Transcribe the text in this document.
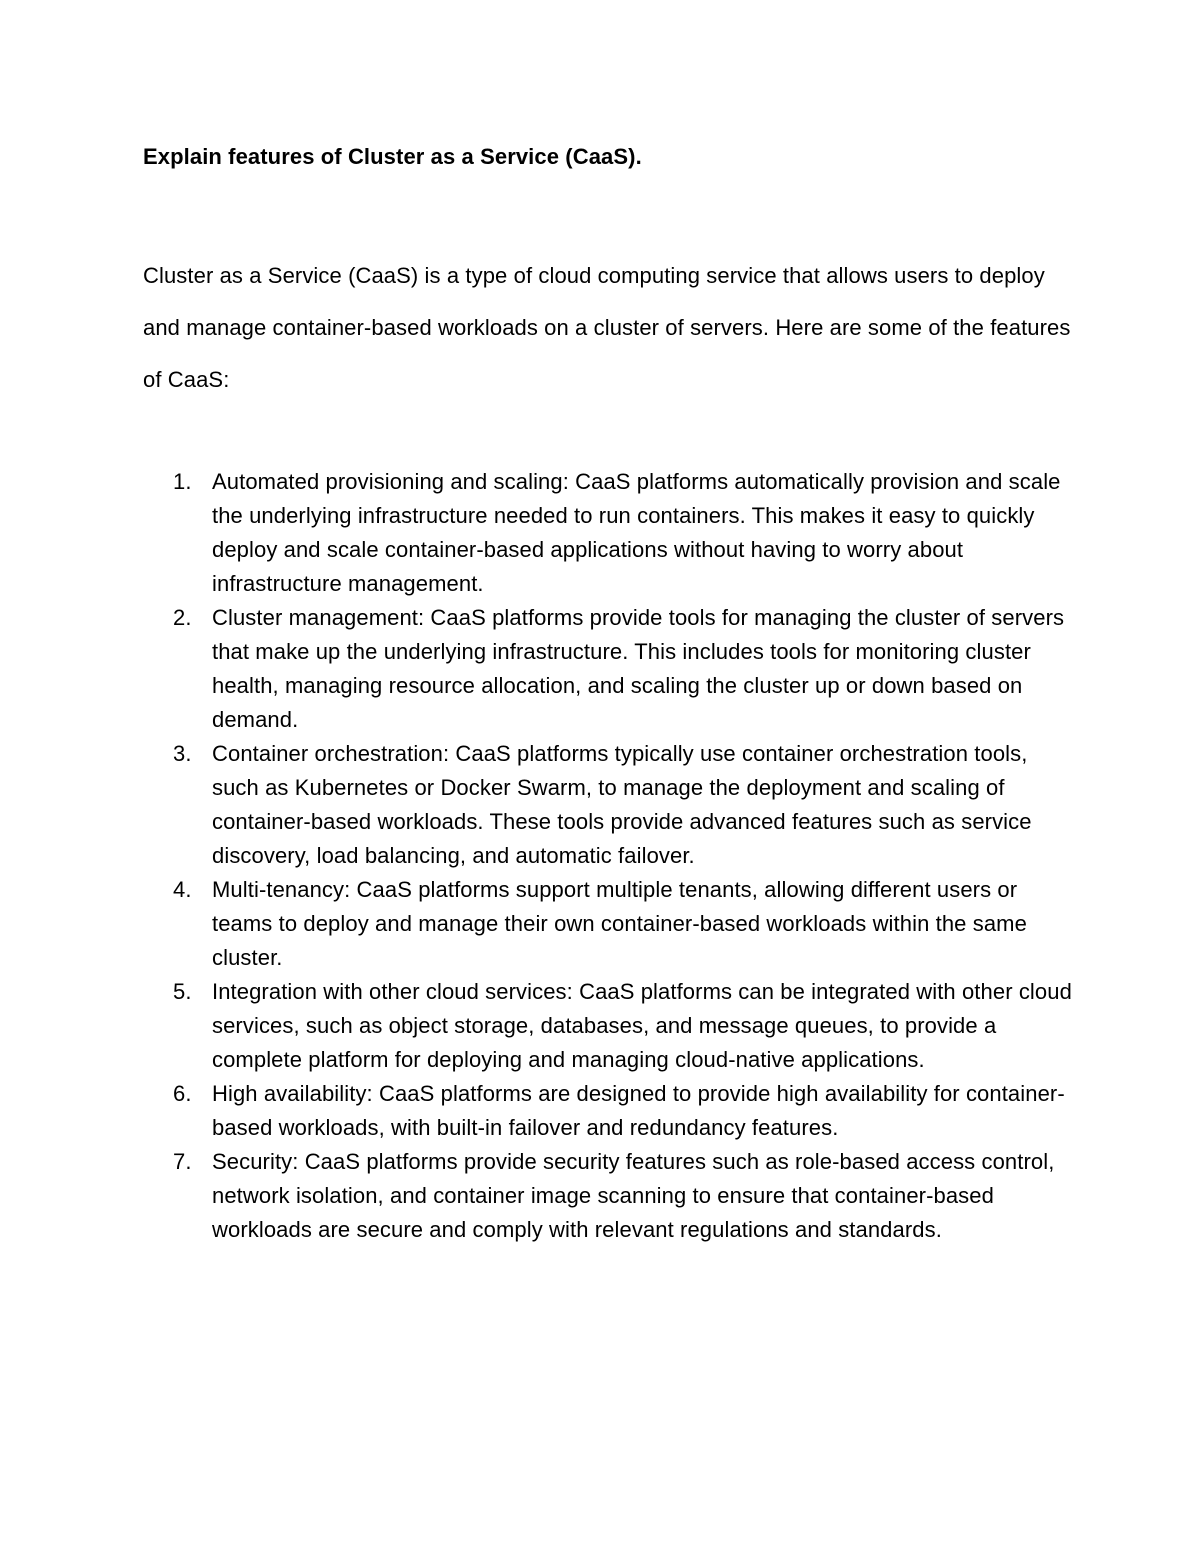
Explain features of Cluster as a Service (CaaS).

Cluster as a Service (CaaS) is a type of cloud computing service that allows users to deploy and manage container-based workloads on a cluster of servers. Here are some of the features of CaaS:

1. Automated provisioning and scaling: CaaS platforms automatically provision and scale the underlying infrastructure needed to run containers. This makes it easy to quickly deploy and scale container-based applications without having to worry about infrastructure management.
2. Cluster management: CaaS platforms provide tools for managing the cluster of servers that make up the underlying infrastructure. This includes tools for monitoring cluster health, managing resource allocation, and scaling the cluster up or down based on demand.
3. Container orchestration: CaaS platforms typically use container orchestration tools, such as Kubernetes or Docker Swarm, to manage the deployment and scaling of container-based workloads. These tools provide advanced features such as service discovery, load balancing, and automatic failover.
4. Multi-tenancy: CaaS platforms support multiple tenants, allowing different users or teams to deploy and manage their own container-based workloads within the same cluster.
5. Integration with other cloud services: CaaS platforms can be integrated with other cloud services, such as object storage, databases, and message queues, to provide a complete platform for deploying and managing cloud-native applications.
6. High availability: CaaS platforms are designed to provide high availability for container-based workloads, with built-in failover and redundancy features.
7. Security: CaaS platforms provide security features such as role-based access control, network isolation, and container image scanning to ensure that container-based workloads are secure and comply with relevant regulations and standards.
